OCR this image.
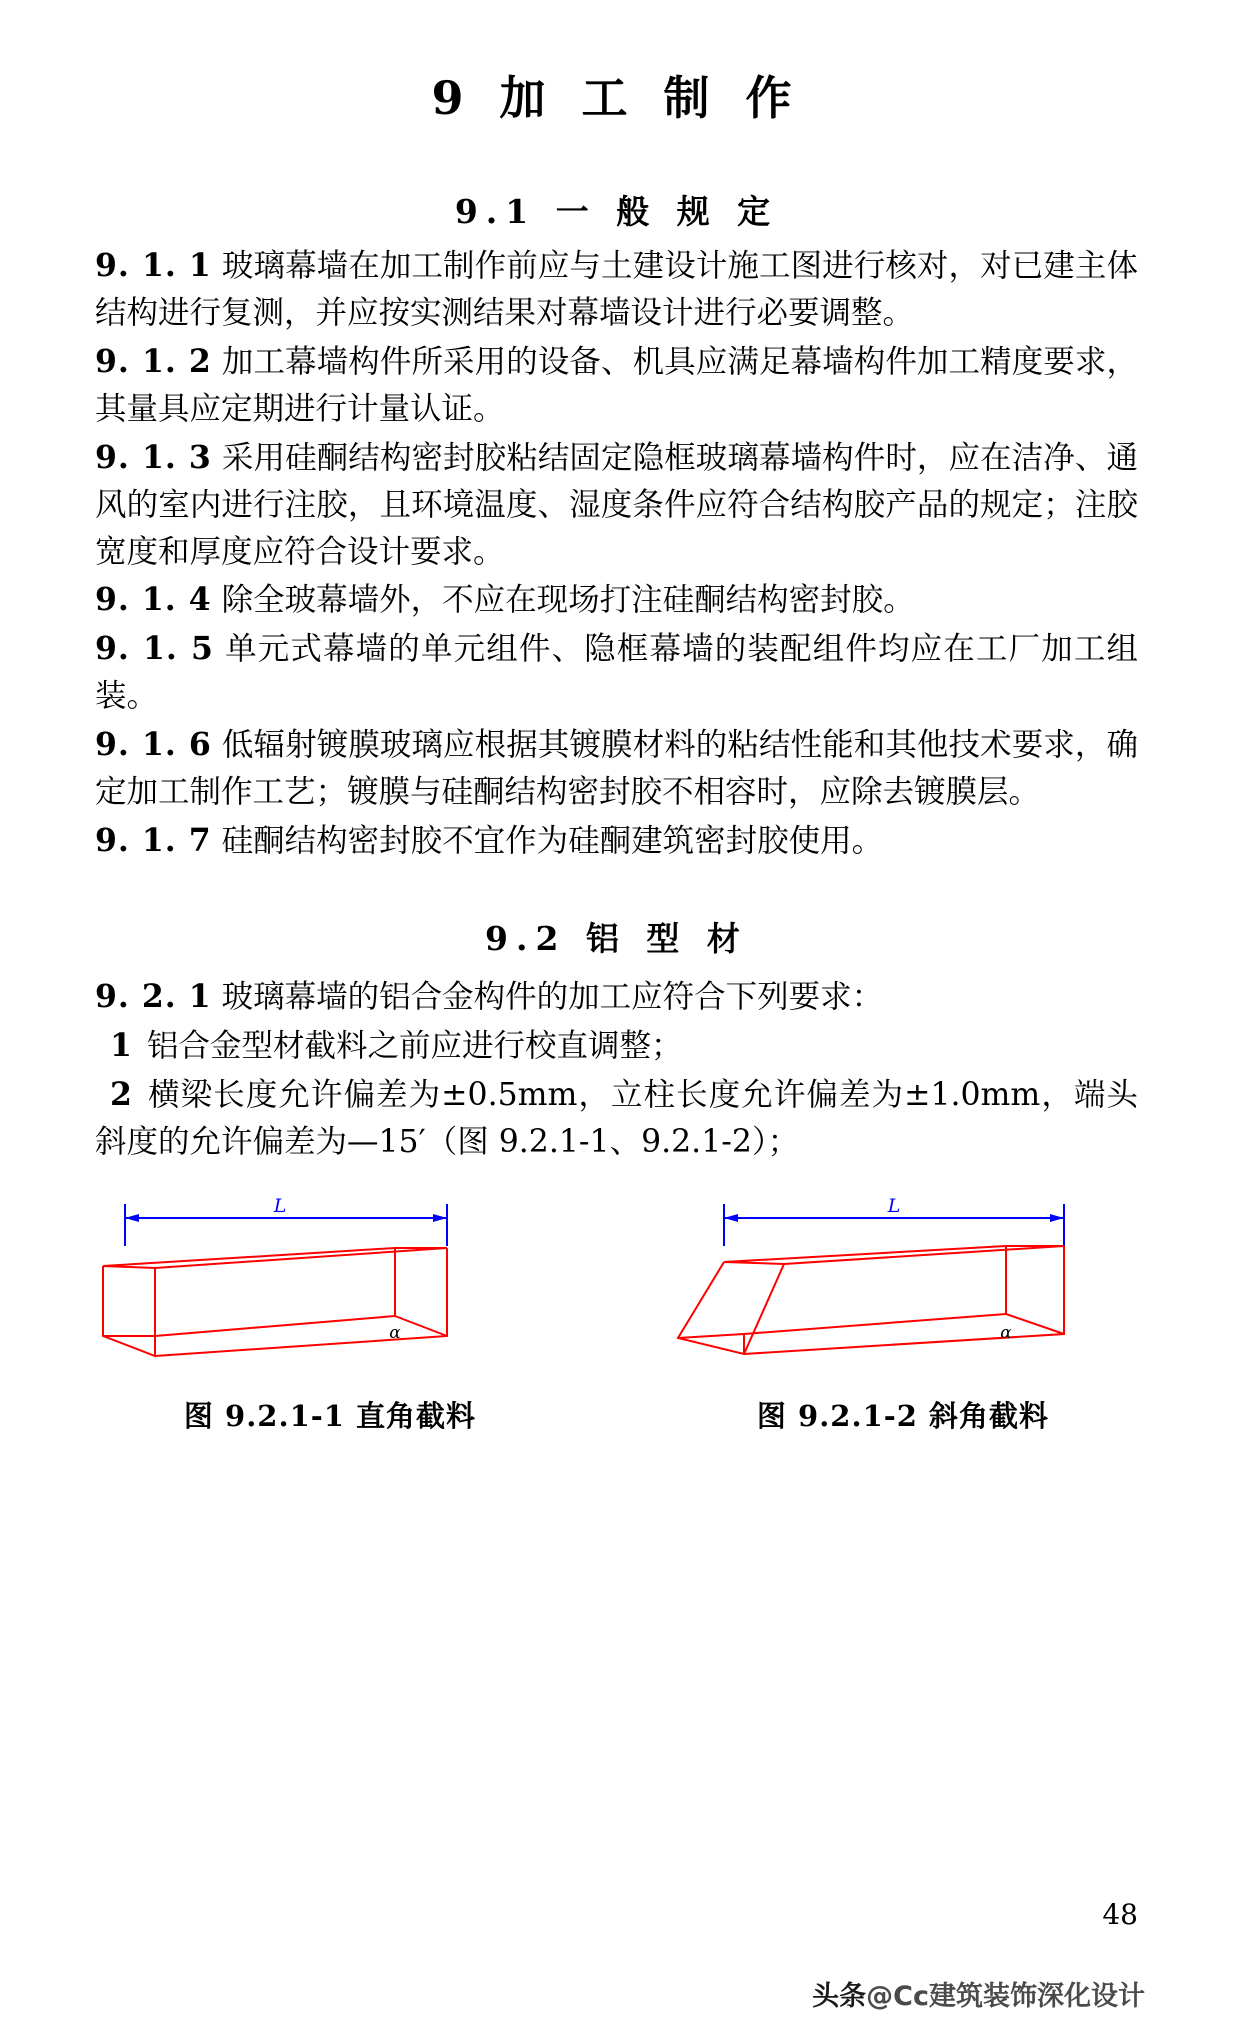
9 加 工 制 作
9.1 一 般 规 定

9. 1. 1 玻璃幕墙在加工制作前应与土建设计施工图进行核对，对已建主体结构进行复测，并应按实测结果对幕墙设计进行必要调整。

9. 1. 2 加工幕墙构件所采用的设备、机具应满足幕墙构件加工精度要求，其量具应定期进行计量认证。

9. 1. 3 采用硅酮结构密封胶粘结固定隐框玻璃幕墙构件时，应在洁净、通风的室内进行注胶，且环境温度、湿度条件应符合结构胶产品的规定；注胶宽度和厚度应符合设计要求。

9. 1. 4 除全玻幕墙外，不应在现场打注硅酮结构密封胶。

9. 1. 5 单元式幕墙的单元组件、隐框幕墙的装配组件均应在工厂加工组装。

9. 1. 6 低辐射镀膜玻璃应根据其镀膜材料的粘结性能和其他技术要求，确定加工制作工艺；镀膜与硅酮结构密封胶不相容时，应除去镀膜层。

9. 1. 7 硅酮结构密封胶不宜作为硅酮建筑密封胶使用。

9.2 铝 型 材

9. 2. 1 玻璃幕墙的铝合金构件的加工应符合下列要求：

1 铝合金型材截料之前应进行校直调整；

2 横梁长度允许偏差为±0.5mm，立柱长度允许偏差为±1.0mm，端头斜度的允许偏差为—15′（图 9.2.1-1、9.2.1-2）；

L
α
图 9.2.1-1 直角截料
L
α
图 9.2.1-2 斜角截料
48
头条@Cc建筑装饰深化设计
